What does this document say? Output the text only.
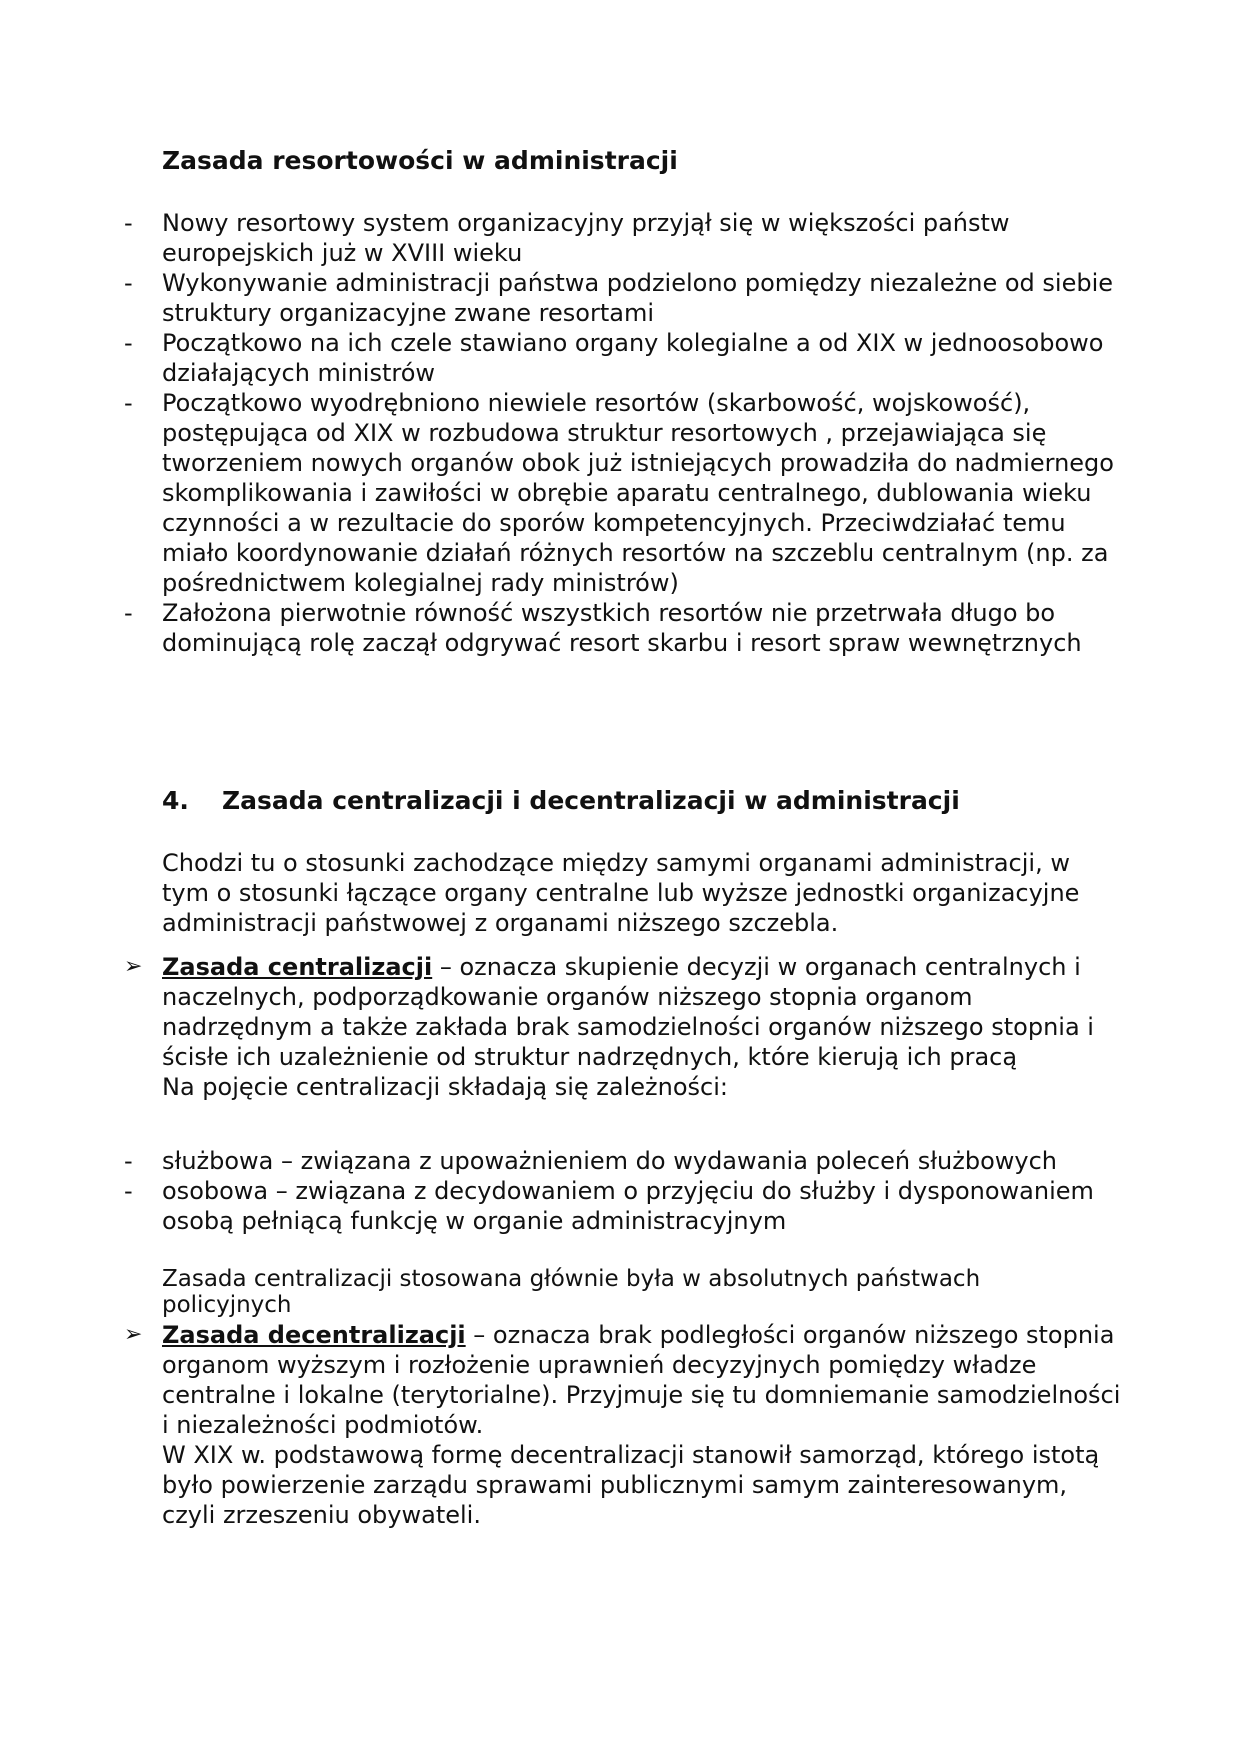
Zasada resortowości w administracji
-	Nowy resortowy system organizacyjny przyjął się w większości państw europejskich już w XVIII wieku
-	Wykonywanie administracji państwa podzielono pomiędzy niezależne od siebie struktury organizacyjne zwane resortami
-	Początkowo na ich czele stawiano organy kolegialne a od XIX w jednoosobowo działających ministrów
-	Początkowo wyodrębniono niewiele resortów (skarbowość, wojskowość), postępująca od XIX w rozbudowa struktur resortowych , przejawiająca się tworzeniem nowych organów obok już istniejących prowadziła do nadmiernego skomplikowania i zawiłości w obrębie aparatu centralnego, dublowania wieku czynności a w rezultacie do sporów kompetencyjnych. Przeciwdziałać temu miało koordynowanie działań różnych resortów na szczeblu centralnym (np. za pośrednictwem kolegialnej rady ministrów)
-	Założona pierwotnie równość wszystkich resortów nie przetrwała długo bo dominującą rolę zaczął odgrywać resort skarbu i resort spraw wewnętrznych
4. Zasada centralizacji i decentralizacji w administracji
Chodzi tu o stosunki zachodzące między samymi organami administracji, w tym o stosunki łączące organy centralne lub wyższe jednostki organizacyjne administracji państwowej z organami niższego szczebla.
➢ Zasada centralizacji – oznacza skupienie decyzji w organach centralnych i naczelnych, podporządkowanie organów niższego stopnia organom nadrzędnym a także zakłada brak samodzielności organów niższego stopnia i ścisłe ich uzależnienie od struktur nadrzędnych, które kierują ich pracą
Na pojęcie centralizacji składają się zależności:
-	służbowa – związana z upoważnieniem do wydawania poleceń służbowych
-	osobowa – związana z decydowaniem o przyjęciu do służby i dysponowaniem osobą pełniącą funkcję w organie administracyjnym
Zasada centralizacji stosowana głównie była w absolutnych państwach policyjnych
➢ Zasada decentralizacji – oznacza brak podległości organów niższego stopnia organom wyższym i rozłożenie uprawnień decyzyjnych pomiędzy władze centralne i lokalne (terytorialne). Przyjmuje się tu domniemanie samodzielności i niezależności podmiotów.
W XIX w. podstawową formę decentralizacji stanowił samorząd, którego istotą było powierzenie zarządu sprawami publicznymi samym zainteresowanym, czyli zrzeszeniu obywateli.
